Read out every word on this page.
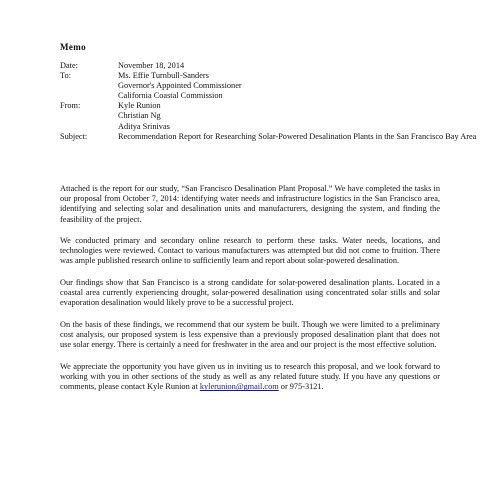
Memo
Date:	November 18, 2014
To:	Ms. Effie Turnbull-Sanders
Governor's Appointed Commissioner
California Coastal Commission
From:	Kyle Runion
Christian Ng
Aditya Srinivas
Subject:	Recommendation Report for Researching Solar-Powered Desalination Plants in the San Francisco Bay Area
Attached is the report for our study, “San Francisco Desalination Plant Proposal.” We have completed the tasks in our proposal from October 7, 2014: identifying water needs and infrastructure logistics in the San Francisco area, identifying and selecting solar and desalination units and manufacturers, designing the system, and finding the feasibility of the project.
We conducted primary and secondary online research to perform these tasks. Water needs, locations, and technologies were reviewed. Contact to various manufacturers was attempted but did not come to fruition. There was ample published research online to sufficiently learn and report about solar-powered desalination.
Our findings show that San Francisco is a strong candidate for solar-powered desalination plants. Located in a coastal area currently experiencing drought, solar-powered desalination using concentrated solar stills and solar evaporation desalination would likely prove to be a successful project.
On the basis of these findings, we recommend that our system be built. Though we were limited to a preliminary cost analysis, our proposed system is less expensive than a previously proposed desalination plant that does not use solar energy. There is certainly a need for freshwater in the area and our project is the most effective solution.
We appreciate the opportunity you have given us in inviting us to research this proposal, and we look forward to working with you in other sections of the study as well as any related future study. If you have any questions or comments, please contact Kyle Runion at kylerunion@gmail.com or 975-3121.
